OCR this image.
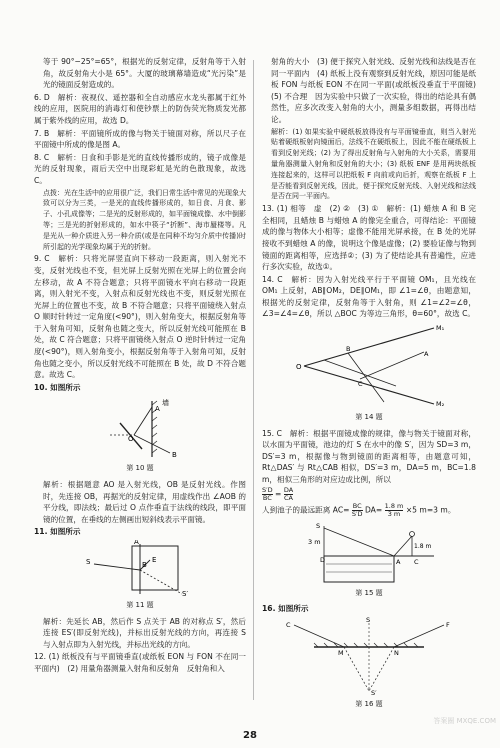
等于 90°−25°=65°，根据光的反射定律，反射角等于入射角，故反射角大小是 65°。大厦的玻璃幕墙造成“光污染”是光的镜面反射造成的。

6. D　解析：夜视仪、遥控器和全自动感应水龙头都属于红外线的应用，医院用的消毒灯和使钞票上的防伪荧光物质发光都属于紫外线的应用，故选 D。

7. B　解析：平面镜所成的像与物关于镜面对称，所以尺子在平面镜中所成的像是图 A。

8. C　解析：日食和手影是光的直线传播形成的，镜子成像是光的反射现象，雨后天空中出现彩虹是光的色散现象，故选 C。

点拨：光在生活中的应用很广泛，我们日常生活中常见的光现象大致可以分为三类，一是光的直线传播形成的，如日食、月食、影子、小孔成像等；二是光的反射形成的，如平面镜成像、水中倒影等；三是光的折射形成的，如水中筷子“折断”、海市蜃楼等。凡是光从一种介质进入另一种介质(或是在同种不均匀介质中传播)时所引起的光学现象均属于光的折射。

9. C　解析：只将光屏竖直向下移动一段距离，则入射光不变，反射光线也不变，但光屏上反射光照在光屏上的位置会向左移动，故 A 不符合题意；只将平面镜水平向右移动一段距离，则入射光不变，入射点和反射光线也不变，则反射光照在光屏上的位置也不变，故 B 不符合题意；只将平面镜绕入射点 O 顺时针转过一定角度(<90°)，则入射角变大，根据反射角等于入射角可知，反射角也随之变大，所以反射光线可能照在 B 处，故 C 符合题意；只将平面镜绕入射点 O 逆时针转过一定角度(<90°)，则入射角变小，根据反射角等于入射角可知，反射角也随之变小，所以反射光线不可能照在 B 处，故 D 不符合题意。故选 C。

10. 如图所示

墙
O
A
B
第 10 题

解析：根据题意 AO 是入射光线，OB 是反射光线。作图时，先连接 OB，再据光的反射定律，用虚线作出 ∠AOB 的平分线，即法线；最后过 O 点作垂直于法线的线段，即平面镜的位置，在垂线的左侧画出短斜线表示平面镜。

11. 如图所示

S	B
E
A
S′
第 11 题

解析：先延长 AB，然后作 S 点关于 AB 的对称点 S′，然后连接 ES′(即反射光线)，并标出反射光线的方向，再连接 S 与入射点即为入射光线，并标出光线的方向。

12. (1) 纸板没有与平面镜垂直(或纸板 EON 与 FON 不在同一平面内)　(2) 用量角器测量入射角和反射角　反射角和入

射角的大小　(3) 便于探究入射光线、反射光线和法线是否在同一平面内　(4) 纸板上没有观察到反射光线，原因可能是纸板 FON 与纸板 EON 不在同一平面(或纸板没垂直于平面镜)　(5) 不合理　因为实验中只做了一次实验，得出的结论具有偶然性，应多次改变入射角的大小，测量多组数据，再得出结论。

解析：(1) 如果实验中硬纸板放得没有与平面镜垂直，则当入射光贴着硬纸板射向镜面后，法线不在硬纸板上，因此不能在硬纸板上看到反射光线；(2) 为了得出反射角与入射角的大小关系，需要用量角器测量入射角和反射角的大小；(3) 纸板 ENF 是用两块纸板连接起来的，这样可以把纸板 F 向前或向后折，观察在纸板 F 上是否能看到反射光线，因此，便于探究反射光线、入射光线和法线是否在同一平面内。

13. (1) 相等　虚　(2) ②　(3) ①　解析：(1) 蜡烛 A 和 B 完全相同，且蜡烛 B 与蜡烛 A 的像完全重合，可得结论：平面镜成的像与物体大小相等；虚像不能用光屏承接，在 B 处的光屏接收不到蜡烛 A 的像，说明这个像是虚像；(2) 要验证像与物到镜面的距离相等，应选择②；(3) 为了使结论具有普遍性，应进行多次实验，故选①。

14. C　解析：因为入射光线平行于平面镜 OM₁，且光线在 OM₁ 上反射，AB∥OM₂，DE∥OM₁，即 ∠1=∠θ，由题意知，根据光的反射定律，反射角等于入射角，则 ∠1=∠2=∠θ，∠3=∠4=∠θ，所以 △BOC 为等边三角形，θ=60°，故选 C。

M₁
M₂
O
B
C
A
第 14 题

15. C　解析：根据平面镜成像的规律，像与物关于镜面对称，以水面为平面镜，池边的灯 S 在水中的像 S′，因为 SD=3 m，DS′=3 m，根据像与物到镜面的距离相等，由题意可知，Rt△DAS′ 与 Rt△CAB 相似，DS′=3 m，DA=5 m，BC=1.8 m，相似三角形的对应边成比例，所以

$\frac{S'D}{BC} = \frac{DA}{CA}$

人到池子的最远距离 $AC= \frac{BC}{S'D} DA= \frac{1.8 m}{3 m} \times 5$ m=3 m。

S
3 m
1.8 m
D	A C
第 15 题

16. 如图所示

C	F
S
M	N
S′
第 16 题
28
答案圈 MXQE.COM
